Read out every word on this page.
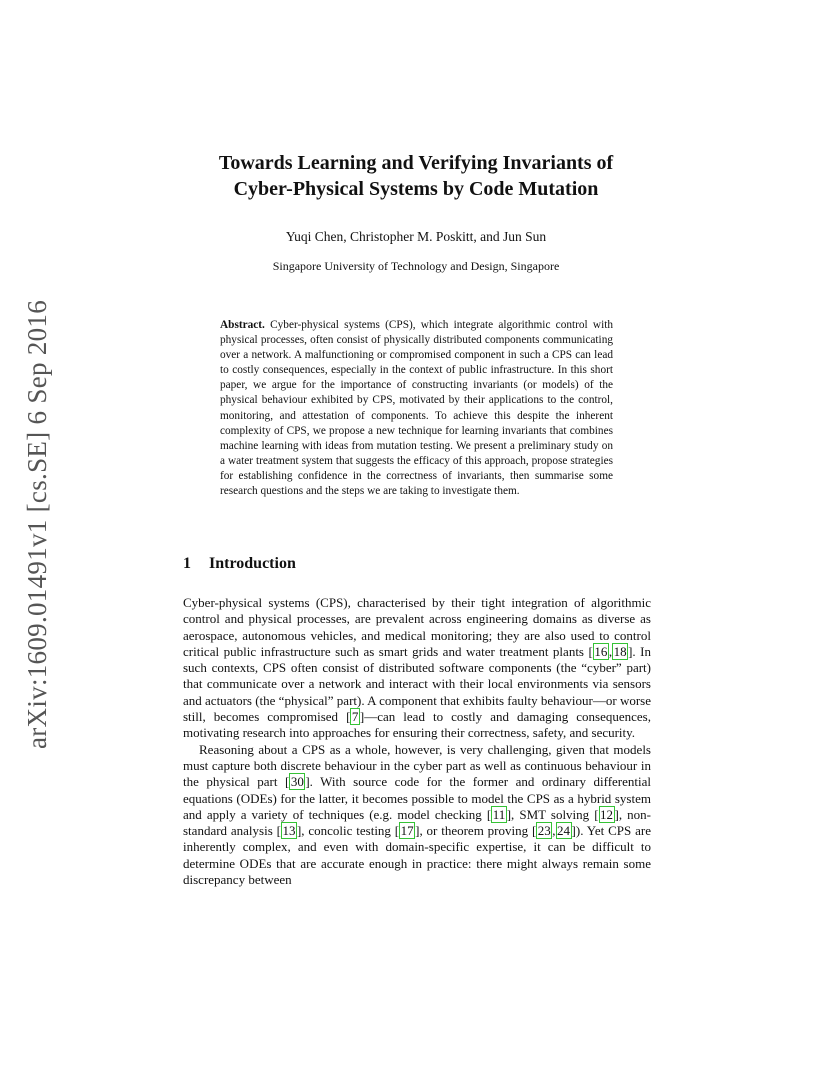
arXiv:1609.01491v1 [cs.SE] 6 Sep 2016
Towards Learning and Verifying Invariants of
Cyber-Physical Systems by Code Mutation
Yuqi Chen, Christopher M. Poskitt, and Jun Sun
Singapore University of Technology and Design, Singapore

Abstract. Cyber-physical systems (CPS), which integrate algorithmic control with physical processes, often consist of physically distributed components communicating over a network. A malfunctioning or compromised component in such a CPS can lead to costly consequences, especially in the context of public infrastructure. In this short paper, we argue for the importance of constructing invariants (or models) of the physical behaviour exhibited by CPS, motivated by their applications to the control, monitoring, and attestation of components. To achieve this despite the inherent complexity of CPS, we propose a new technique for learning invariants that combines machine learning with ideas from mutation testing. We present a preliminary study on a water treatment system that suggests the efficacy of this approach, propose strategies for establishing confidence in the correctness of invariants, then summarise some research questions and the steps we are taking to investigate them.

1 Introduction

Cyber-physical systems (CPS), characterised by their tight integration of algorithmic control and physical processes, are prevalent across engineering domains as diverse as aerospace, autonomous vehicles, and medical monitoring; they are also used to control critical public infrastructure such as smart grids and water treatment plants [ 16 , 18 ]. In such contexts, CPS often consist of distributed software components (the “cyber” part) that communicate over a network and interact with their local environments via sensors and actuators (the “physical” part). A component that exhibits faulty behaviour—or worse still, becomes compromised [ 7 ]—can lead to costly and damaging consequences, motivating research into approaches for ensuring their correctness, safety, and security.

Reasoning about a CPS as a whole, however, is very challenging, given that models must capture both discrete behaviour in the cyber part as well as continuous behaviour in the physical part [ 30 ]. With source code for the former and ordinary differential equations (ODEs) for the latter, it becomes possible to model the CPS as a hybrid system and apply a variety of techniques (e.g. model checking [ 11 ], SMT solving [ 12 ], non-standard analysis [ 13 ], concolic testing [ 17 ], or theorem proving [ 23 , 24 ]). Yet CPS are inherently complex, and even with domain-specific expertise, it can be difficult to determine ODEs that are accurate enough in practice: there might always remain some discrepancy between
